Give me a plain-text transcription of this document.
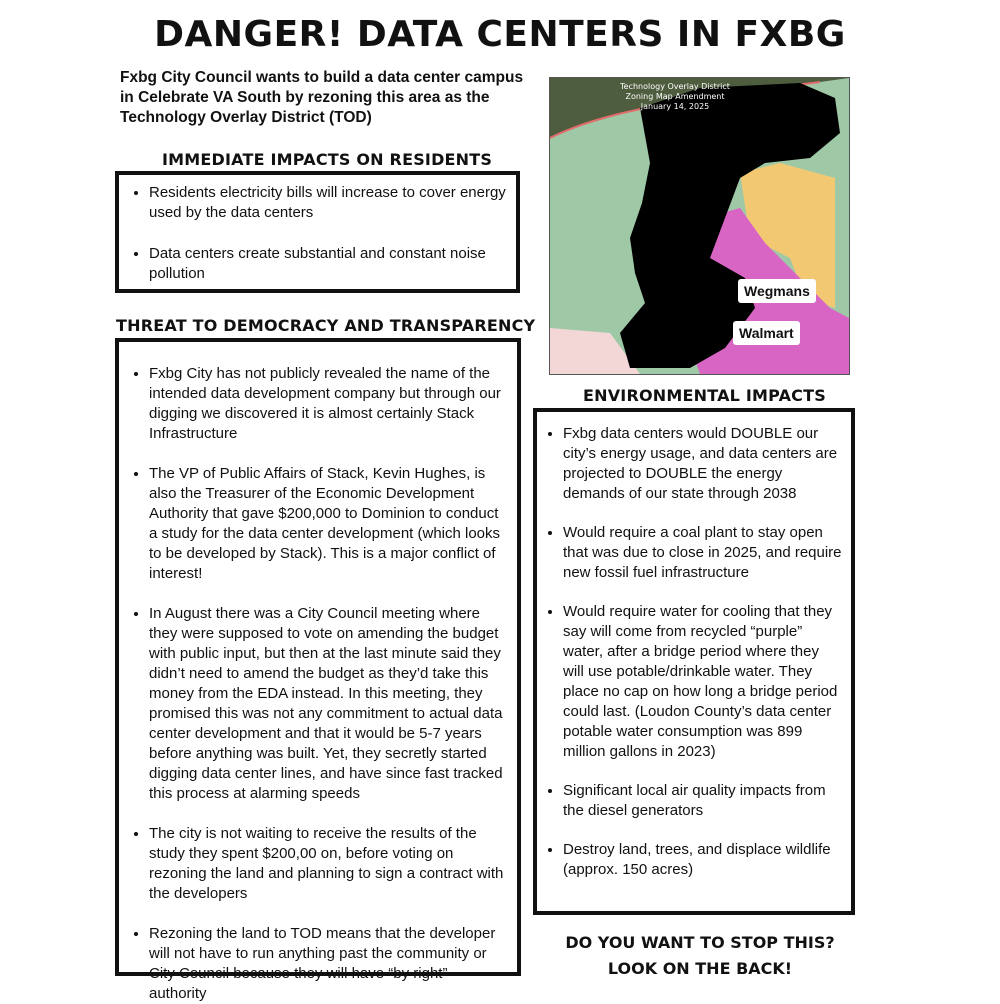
DANGER! DATA CENTERS IN FXBG
Fxbg City Council wants to build a data center campus in Celebrate VA South by rezoning this area as the Technology Overlay District (TOD)
Technology Overlay District
Zoning Map Amendment
January 14, 2025
Wegmans
Walmart
IMMEDIATE IMPACTS ON RESIDENTS
• Residents electricity bills will increase to cover energy used by the data centers
• Data centers create substantial and constant noise pollution
THREAT TO DEMOCRACY AND TRANSPARENCY
• Fxbg City has not publicly revealed the name of the intended data development company but through our digging we discovered it is almost certainly Stack Infrastructure
• The VP of Public Affairs of Stack, Kevin Hughes, is also the Treasurer of the Economic Development Authority that gave $200,000 to Dominion to conduct a study for the data center development (which looks to be developed by Stack). This is a major conflict of interest!
• In August there was a City Council meeting where they were supposed to vote on amending the budget with public input, but then at the last minute said they didn’t need to amend the budget as they’d take this money from the EDA instead. In this meeting, they promised this was not any commitment to actual data center development and that it would be 5-7 years before anything was built. Yet, they secretly started digging data center lines, and have since fast tracked this process at alarming speeds
• The city is not waiting to receive the results of the study they spent $200,00 on, before voting on rezoning the land and planning to sign a contract with the developers
• Rezoning the land to TOD means that the developer will not have to run anything past the community or City Council because they will have “by right” authority
ENVIRONMENTAL IMPACTS
• Fxbg data centers would DOUBLE our city’s energy usage, and data centers are projected to DOUBLE the energy demands of our state through 2038
• Would require a coal plant to stay open that was due to close in 2025, and require new fossil fuel infrastructure
• Would require water for cooling that they say will come from recycled “purple” water, after a bridge period where they will use potable/drinkable water. They place no cap on how long a bridge period could last. (Loudon County’s data center potable water consumption was 899 million gallons in 2023)
• Significant local air quality impacts from the diesel generators
• Destroy land, trees, and displace wildlife (approx. 150 acres)
DO YOU WANT TO STOP THIS?
LOOK ON THE BACK!
